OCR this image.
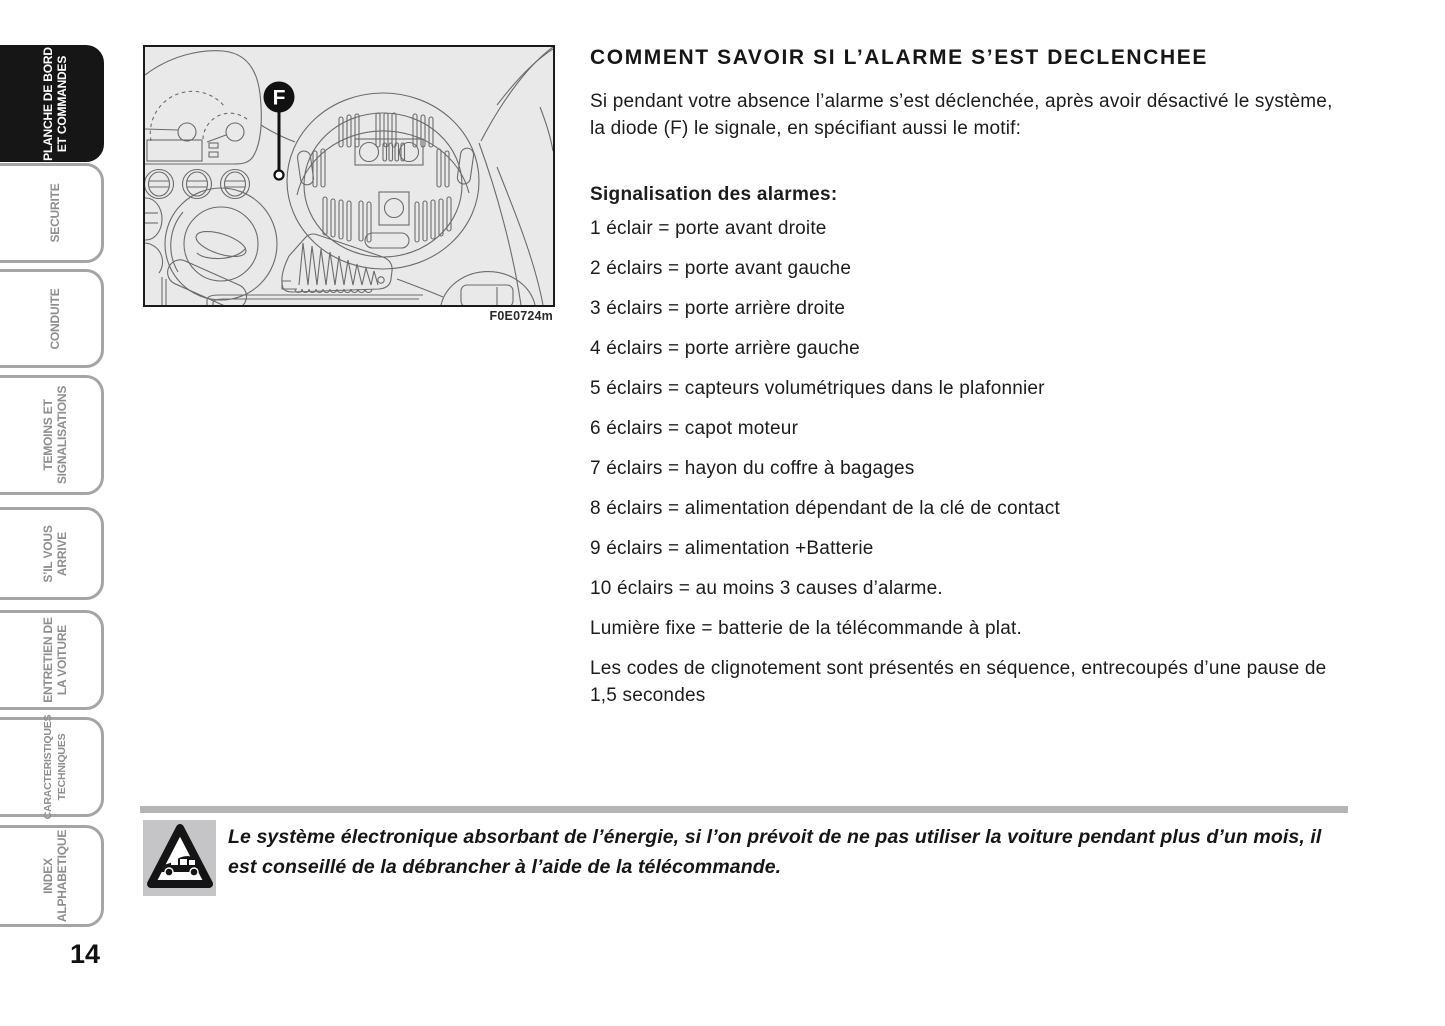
PLANCHE DE BORD ET COMMANDES
SECURITE
CONDUITE
TEMOINS ET SIGNALISATIONS
S’IL VOUS ARRIVE
ENTRETIEN DE LA VOITURE
CARACTERISTIQUES TECHNIQUES
INDEX ALPHABETIQUE
14
F
F0E0724m
COMMENT SAVOIR SI L’ALARME S’EST DECLENCHEE

Si pendant votre absence l’alarme s’est déclenchée, après avoir désactivé le système, la diode (F) le signale, en spécifiant aussi le motif:

Signalisation des alarmes:

1 éclair = porte avant droite
2 éclairs = porte avant gauche
3 éclairs = porte arrière droite
4 éclairs = porte arrière gauche
5 éclairs = capteurs volumétriques dans le plafonnier
6 éclairs = capot moteur
7 éclairs = hayon du coffre à bagages
8 éclairs = alimentation dépendant de la clé de contact
9 éclairs = alimentation +Batterie
10 éclairs = au moins 3 causes d’alarme.
Lumière fixe = batterie de la télécommande à plat.

Les codes de clignotement sont présentés en séquence, entrecoupés d’une pause de 1,5 secondes

Le système électronique absorbant de l’énergie, si l’on prévoit de ne pas utiliser la voiture pendant plus d’un mois, il est conseillé de la débrancher à l’aide de la télécommande.
